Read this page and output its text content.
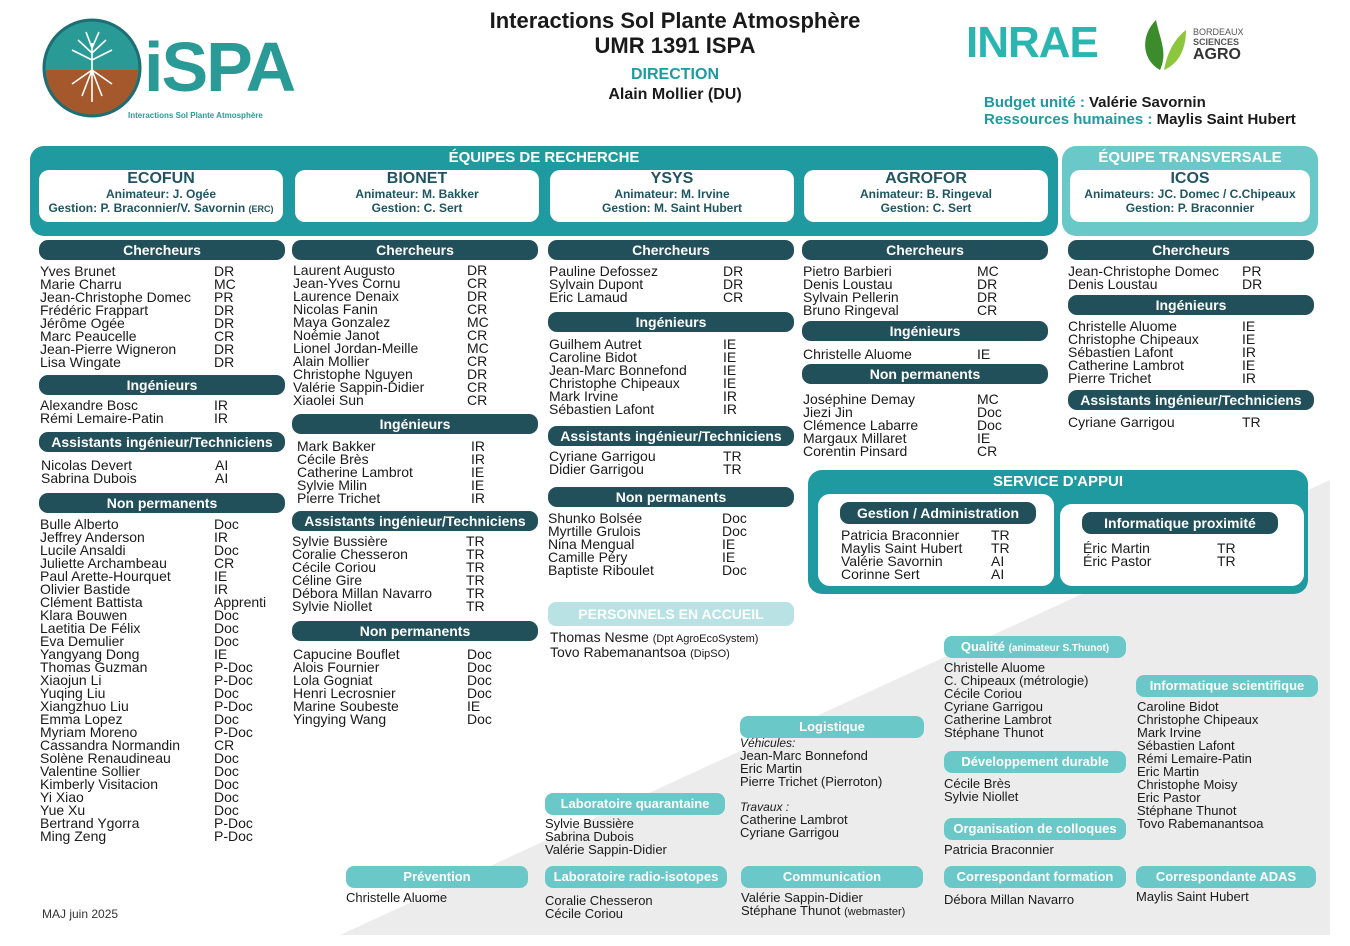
iSPA
Interactions Sol Plante Atmosphère
Interactions Sol Plante Atmosphère
UMR 1391 ISPA
DIRECTION
Alain Mollier (DU)
INRAE	BORDEAUX
SCIENCES
AGRO
Budget unité : Valérie Savornin
Ressources humaines : Maylis Saint Hubert
ÉQUIPES DE RECHERCHE	ÉQUIPE TRANSVERSALE
ECOFUN
Animateur: J. Ogée
Gestion: P. Braconnier/V. Savornin (ERC)
BIONET
Animateur: M. Bakker
Gestion: C. Sert
YSYS
Animateur: M. Irvine
Gestion: M. Saint Hubert
AGROFOR
Animateur: B. Ringeval
Gestion: C. Sert
ICOS
Animateurs: JC. Domec / C.Chipeaux
Gestion: P. Braconnier
Chercheurs
Ingénieurs
Assistants ingénieur/Techniciens
Non permanents
Chercheurs
Ingénieurs
Assistants ingénieur/Techniciens
Non permanents
Chercheurs
Ingénieurs
Assistants ingénieur/Techniciens
Non permanents
Chercheurs
Ingénieurs
Non permanents
Chercheurs
Ingénieurs
Assistants ingénieur/Techniciens
Yves Brunet	DR
Marie Charru	MC
Jean-Christophe Domec	PR
Frédéric Frappart	DR
Jérôme Ogée	DR
Marc Peaucelle	CR
Jean-Pierre Wigneron	DR
Lisa Wingate	DR
Alexandre Bosc	IR
Rémi Lemaire-Patin	IR
Nicolas Devert	AI
Sabrina Dubois	AI
Bulle Alberto	Doc
Jeffrey Anderson	IR
Lucile Ansaldi	Doc
Juliette Archambeau	CR
Paul Arette-Hourquet	IE
Olivier Bastide	IR
Clément Battista	Apprenti
Klara Bouwen	Doc
Laetitia De Félix	Doc
Eva Demulier	Doc
Yangyang Dong	IE
Thomas Guzman	P-Doc
Xiaojun Li	P-Doc
Yuqing Liu	Doc
Xiangzhuo Liu	P-Doc
Emma Lopez	Doc
Myriam Moreno	P-Doc
Cassandra Normandin	CR
Solène Renaudineau	Doc
Valentine Sollier	Doc
Kimberly Visitacion	Doc
Yi Xiao	Doc
Yue Xu	Doc
Bertrand Ygorra	P-Doc
Ming Zeng	P-Doc
Laurent Augusto	DR
Jean-Yves Cornu	CR
Laurence Denaix	DR
Nicolas Fanin	CR
Maya Gonzalez	MC
Noémie Janot	CR
Lionel Jordan-Meille	MC
Alain Mollier	CR
Christophe Nguyen	DR
Valérie Sappin-Didier	CR
Xiaolei Sun	CR
Mark Bakker	IR
Cécile Brès	IR
Catherine Lambrot	IE
Sylvie Milin	IE
Pierre Trichet	IR
Sylvie Bussière	TR
Coralie Chesseron	TR
Cécile Coriou	TR
Céline Gire	TR
Débora Millan Navarro	TR
Sylvie Niollet	TR
Capucine Bouflet	Doc
Alois Fournier	Doc
Lola Gogniat	Doc
Henri Lecrosnier	Doc
Marine Soubeste	IE
Yingying Wang	Doc
Pauline Defossez	DR
Sylvain Dupont	DR
Eric Lamaud	CR
Guilhem Autret	IE
Caroline Bidot	IE
Jean-Marc Bonnefond	IE
Christophe Chipeaux	IE
Mark Irvine	IR
Sébastien Lafont	IR
Cyriane Garrigou	TR
Didier Garrigou	TR
Shunko Bolsée	Doc
Myrtille Grulois	Doc
Nina Mengual	IE
Camille Péry	IE
Baptiste Riboulet	Doc
Pietro Barbieri	MC
Denis Loustau	DR
Sylvain Pellerin	DR
Bruno Ringeval	CR
Christelle Aluome	IE
Joséphine Demay	MC
Jiezi Jin	Doc
Clémence Labarre	Doc
Margaux Millaret	IE
Corentin Pinsard	CR
Jean-Christophe Domec	PR
Denis Loustau	DR
Christelle Aluome	IE
Christophe Chipeaux	IE
Sébastien Lafont	IR
Catherine Lambrot	IE
Pierre Trichet	IR
Cyriane Garrigou	TR
PERSONNELS EN ACCUEIL
Thomas Nesme (Dpt AgroEcoSystem)
Tovo Rabemanantsoa (DipSO)
SERVICE D'APPUI
Gestion / Administration
Patricia Braconnier	TR
Maylis Saint Hubert	TR
Valérie Savornin	AI
Corinne Sert	AI
Informatique proximité
Éric Martin	TR
Éric Pastor	TR
Qualité (animateur S.Thunot)
Christelle Aluome
C. Chipeaux (métrologie)
Cécile Coriou
Cyriane Garrigou
Catherine Lambrot
Stéphane Thunot
Informatique scientifique
Caroline Bidot
Christophe Chipeaux
Mark Irvine
Sébastien Lafont
Rémi Lemaire-Patin
Eric Martin
Christophe Moisy
Eric Pastor
Stéphane Thunot
Tovo Rabemanantsoa
Logistique
Véhicules:
Jean-Marc Bonnefond
Eric Martin
Pierre Trichet (Pierroton)
Travaux :
Catherine Lambrot
Cyriane Garrigou
Développement durable
Cécile Brès
Sylvie Niollet
Organisation de colloques
Patricia Braconnier
Laboratoire quarantaine
Sylvie Bussière
Sabrina Dubois
Valérie Sappin-Didier
Prévention
Christelle Aluome
Laboratoire radio-isotopes
Coralie Chesseron
Cécile Coriou
Communication
Valérie Sappin-Didier
Stéphane Thunot (webmaster)
Correspondant formation
Débora Millan Navarro
Correspondante ADAS
Maylis Saint Hubert
MAJ juin 2025
